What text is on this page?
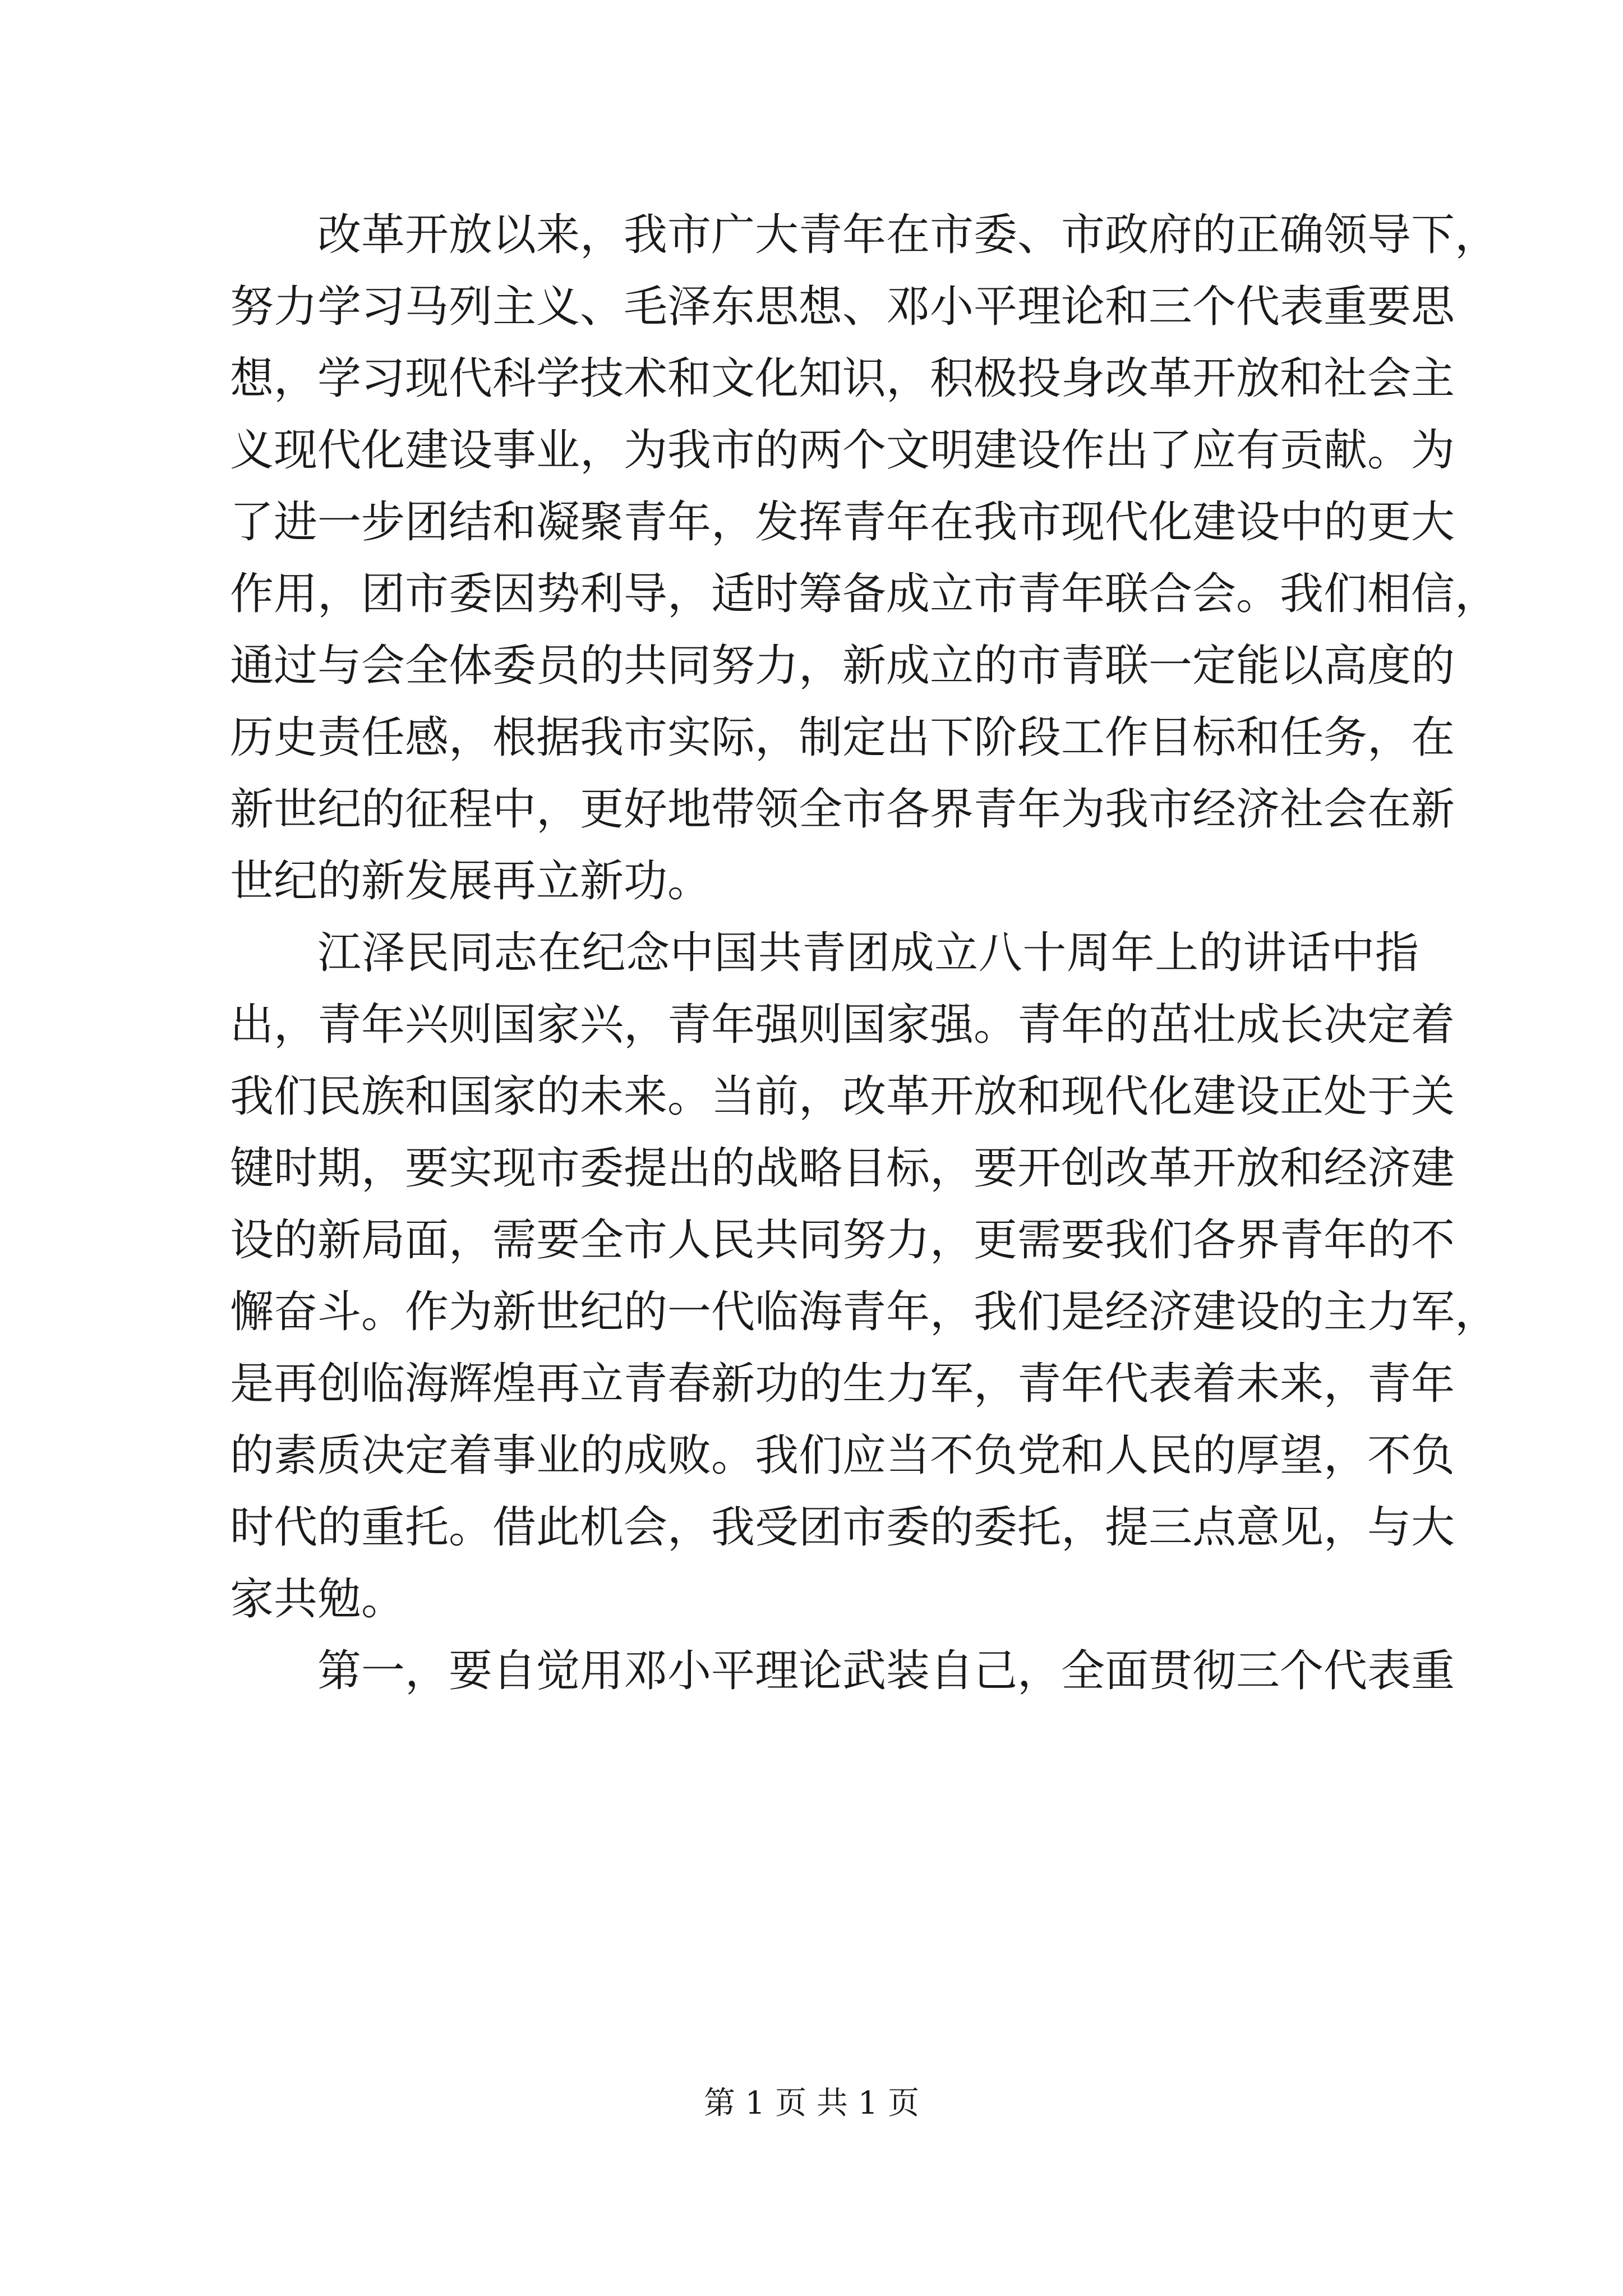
改革开放以来，我市广大青年在市委、市政府的正确领导下，
努力学习马列主义、毛泽东思想、邓小平理论和三个代表重要思
想，学习现代科学技术和文化知识，积极投身改革开放和社会主
义现代化建设事业，为我市的两个文明建设作出了应有贡献。为
了进一步团结和凝聚青年，发挥青年在我市现代化建设中的更大
作用，团市委因势利导，适时筹备成立市青年联合会。我们相信，
通过与会全体委员的共同努力，新成立的市青联一定能以高度的
历史责任感，根据我市实际，制定出下阶段工作目标和任务，在
新世纪的征程中，更好地带领全市各界青年为我市经济社会在新
世纪的新发展再立新功。
江泽民同志在纪念中国共青团成立八十周年上的讲话中指
出，青年兴则国家兴，青年强则国家强。青年的茁壮成长决定着
我们民族和国家的未来。当前，改革开放和现代化建设正处于关
键时期，要实现市委提出的战略目标，要开创改革开放和经济建
设的新局面，需要全市人民共同努力，更需要我们各界青年的不
懈奋斗。作为新世纪的一代临海青年，我们是经济建设的主力军，
是再创临海辉煌再立青春新功的生力军，青年代表着未来，青年
的素质决定着事业的成败。我们应当不负党和人民的厚望，不负
时代的重托。借此机会，我受团市委的委托，提三点意见，与大
家共勉。
第一，要自觉用邓小平理论武装自己，全面贯彻三个代表重
第 1 页 共 1 页
